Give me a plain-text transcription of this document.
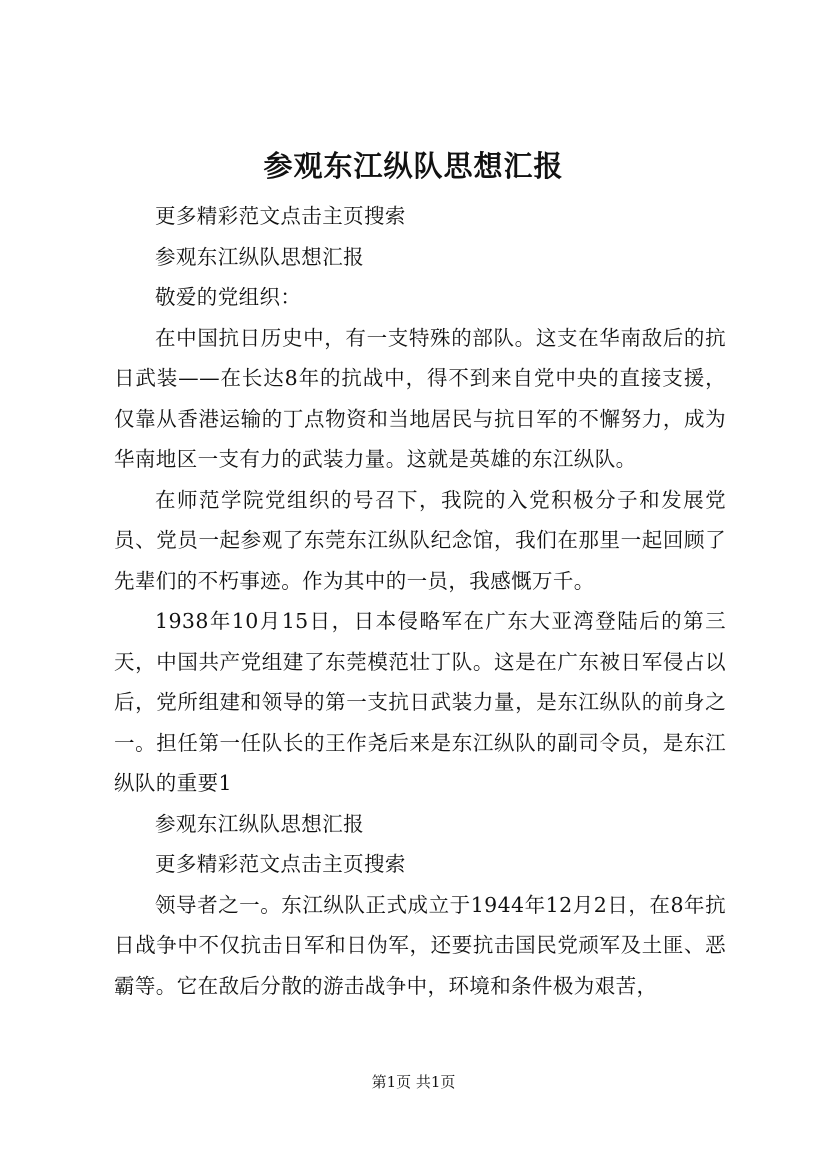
参观东江纵队思想汇报

更多精彩范文点击主页搜索

参观东江纵队思想汇报

敬爱的党组织：

在中国抗日历史中，有一支特殊的部队。这支在华南敌后的抗日武装——在长达8年的抗战中，得不到来自党中央的直接支援，仅靠从香港运输的丁点物资和当地居民与抗日军的不懈努力，成为华南地区一支有力的武装力量。这就是英雄的东江纵队。

在师范学院党组织的号召下，我院的入党积极分子和发展党员、党员一起参观了东莞东江纵队纪念馆，我们在那里一起回顾了先辈们的不朽事迹。作为其中的一员，我感慨万千。

1938年10月15日，日本侵略军在广东大亚湾登陆后的第三天，中国共产党组建了东莞模范壮丁队。这是在广东被日军侵占以后，党所组建和领导的第一支抗日武装力量，是东江纵队的前身之一。担任第一任队长的王作尧后来是东江纵队的副司令员，是东江纵队的重要1

参观东江纵队思想汇报

更多精彩范文点击主页搜索

领导者之一。东江纵队正式成立于1944年12月2日，在8年抗日战争中不仅抗击日军和日伪军，还要抗击国民党顽军及土匪、恶霸等。它在敌后分散的游击战争中，环境和条件极为艰苦，

第1页 共1页
